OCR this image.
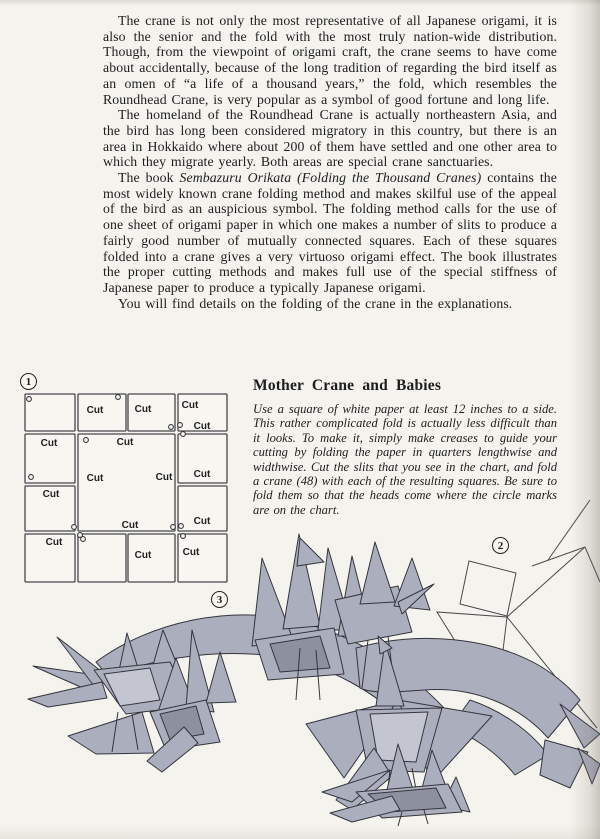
The crane is not only the most representative of all Japanese origami, it is also the senior and the fold with the most truly nation-wide distribution. Though, from the viewpoint of origami craft, the crane seems to have come about accidentally, because of the long tradition of regarding the bird itself as an omen of “a life of a thousand years,” the fold, which resembles the Roundhead Crane, is very popular as a symbol of good fortune and long life.

The homeland of the Roundhead Crane is actually northeastern Asia, and the bird has long been considered migratory in this country, but there is an area in Hokkaido where about 200 of them have settled and one other area to which they migrate yearly. Both areas are special crane sanctuaries.

The book Sembazuru Orikata (Folding the Thousand Cranes) contains the most widely known crane folding method and makes skilful use of the appeal of the bird as an auspicious symbol. The folding method calls for the use of one sheet of origami paper in which one makes a number of slits to produce a fairly good number of mutually connected squares. Each of these squares folded into a crane gives a very virtuoso origami effect. The book illustrates the proper cutting methods and makes full use of the special stiffness of Japanese paper to produce a typically Japanese origami.

You will find details on the folding of the crane in the explanations.

Mother Crane and Babies

Use a square of white paper at least 12 inches to a side. This rather complicated fold is actually less difficult than it looks. To make it, simply make creases to guide your cutting by folding the paper in quarters lengthwise and widthwise. Cut the slits that you see in the chart, and fold a crane (48) with each of the resulting squares. Be sure to fold them so that the heads come where the circle marks are on the chart.

Cut	Cut	Cut
Cut
Cut	Cut
Cut	Cut Cut
Cut
Cut	Cut
Cut
Cut	Cut
1
2
3
